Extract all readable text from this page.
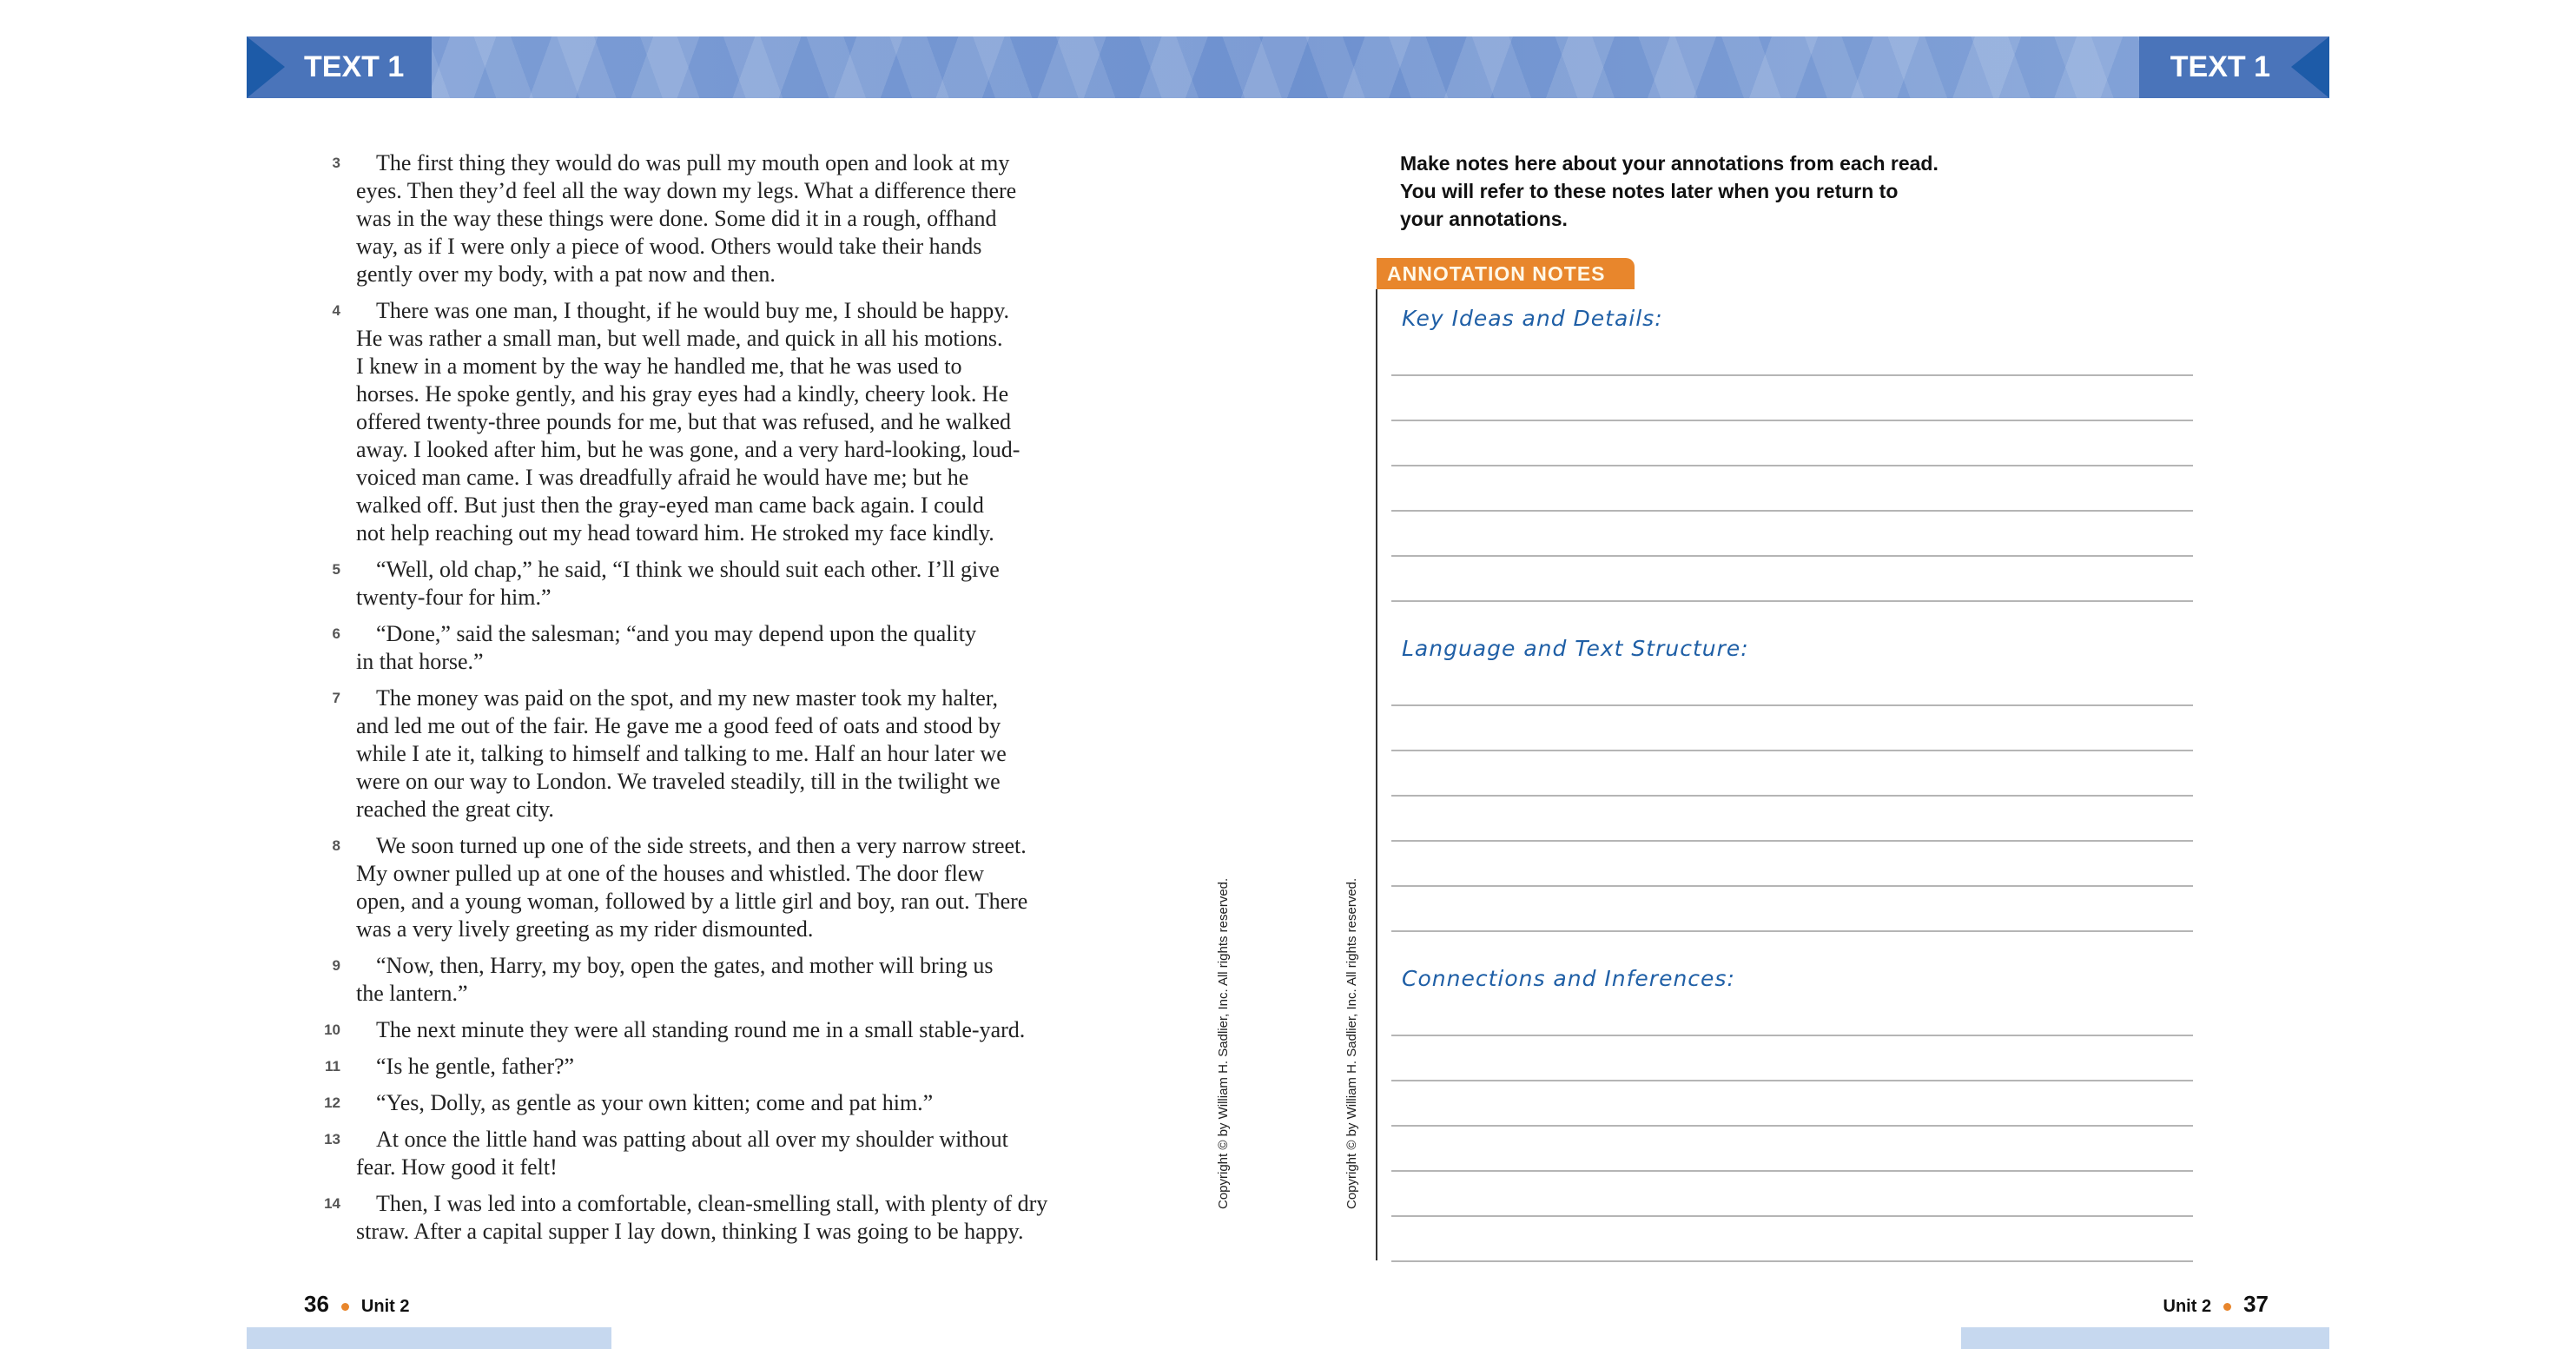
TEXT 1	TEXT 1
3	The first thing they would do was pull my mouth open and look at my
eyes. Then they’d feel all the way down my legs. What a difference there
was in the way these things were done. Some did it in a rough, offhand
way, as if I were only a piece of wood. Others would take their hands
gently over my body, with a pat now and then.
4	There was one man, I thought, if he would buy me, I should be happy.
He was rather a small man, but well made, and quick in all his motions.
I knew in a moment by the way he handled me, that he was used to
horses. He spoke gently, and his gray eyes had a kindly, cheery look. He
offered twenty-three pounds for me, but that was refused, and he walked
away. I looked after him, but he was gone, and a very hard-looking, loud-
voiced man came. I was dreadfully afraid he would have me; but he
walked off. But just then the gray-eyed man came back again. I could
not help reaching out my head toward him. He stroked my face kindly.
5	“Well, old chap,” he said, “I think we should suit each other. I’ll give
twenty-four for him.”
6	“Done,” said the salesman; “and you may depend upon the quality
in that horse.”
7	The money was paid on the spot, and my new master took my halter,
and led me out of the fair. He gave me a good feed of oats and stood by
while I ate it, talking to himself and talking to me. Half an hour later we
were on our way to London. We traveled steadily, till in the twilight we
reached the great city.
8	We soon turned up one of the side streets, and then a very narrow street.
My owner pulled up at one of the houses and whistled. The door flew
open, and a young woman, followed by a little girl and boy, ran out. There
was a very lively greeting as my rider dismounted.
9	“Now, then, Harry, my boy, open the gates, and mother will bring us
the lantern.”
10	The next minute they were all standing round me in a small stable-yard.
11	“Is he gentle, father?”
12	“Yes, Dolly, as gentle as your own kitten; come and pat him.”
13	At once the little hand was patting about all over my shoulder without
fear. How good it felt!
14	Then, I was led into a comfortable, clean-smelling stall, with plenty of dry
straw. After a capital supper I lay down, thinking I was going to be happy.
Make notes here about your annotations from each read.
You will refer to these notes later when you return to
your annotations.
ANNOTATION NOTES
Key Ideas and Details:
Language and Text Structure:
Connections and Inferences:
Copyright © by William H. Sadlier, Inc. All rights reserved.	Copyright © by William H. Sadlier, Inc. All rights reserved.
36 Unit 2	Unit 2 37
